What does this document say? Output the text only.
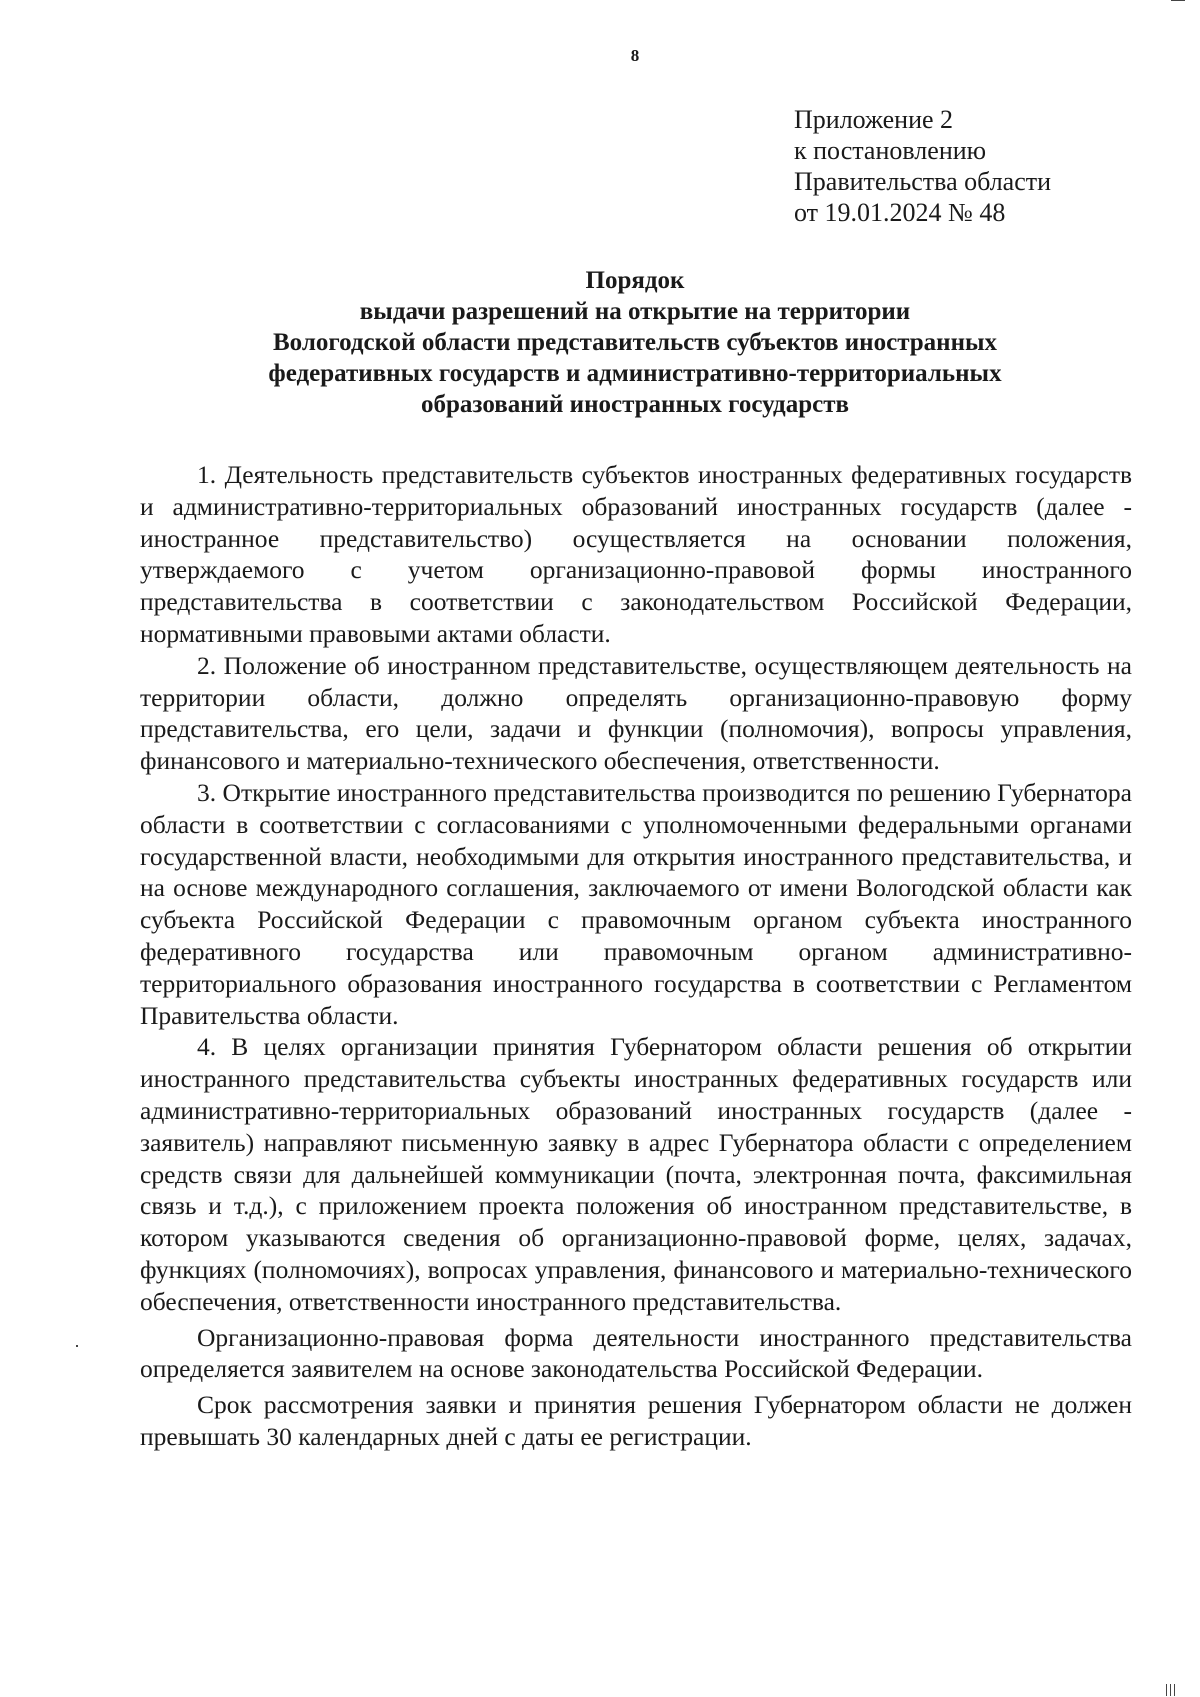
8
Приложение 2
к постановлению
Правительства области
от 19.01.2024 № 48
Порядок
выдачи разрешений на открытие на территории
Вологодской области представительств субъектов иностранных
федеративных государств и административно-территориальных
образований иностранных государств

1. Деятельность представительств субъектов иностранных федеративных государств и административно-территориальных образований иностранных государств (далее - иностранное представительство) осуществляется на основании положения, утверждаемого с учетом организационно-правовой формы иностранного представительства в соответствии с законодательством Российской Федерации, нормативными правовыми актами области.

2. Положение об иностранном представительстве, осуществляющем деятельность на территории области, должно определять организационно-правовую форму представительства, его цели, задачи и функции (полномочия), вопросы управления, финансового и материально-технического обеспечения, ответственности.

3. Открытие иностранного представительства производится по решению Губернатора области в соответствии с согласованиями с уполномоченными федеральными органами государственной власти, необходимыми для открытия иностранного представительства, и на основе международного соглашения, заключаемого от имени Вологодской области как субъекта Российской Федерации с правомочным органом субъекта иностранного федеративного государства или правомочным органом административно-территориального образования иностранного государства в соответствии с Регламентом Правительства области.

4. В целях организации принятия Губернатором области решения об открытии иностранного представительства субъекты иностранных федеративных государств или административно-территориальных образований иностранных государств (далее - заявитель) направляют письменную заявку в адрес Губернатора области с определением средств связи для дальнейшей коммуникации (почта, электронная почта, факсимильная связь и т.д.), с приложением проекта положения об иностранном представительстве, в котором указываются сведения об организационно-правовой форме, целях, задачах, функциях (полномочиях), вопросах управления, финансового и материально-технического обеспечения, ответственности иностранного представительства.

Организационно-правовая форма деятельности иностранного представительства определяется заявителем на основе законодательства Российской Федерации.

Срок рассмотрения заявки и принятия решения Губернатором области не должен превышать 30 календарных дней с даты ее регистрации.
